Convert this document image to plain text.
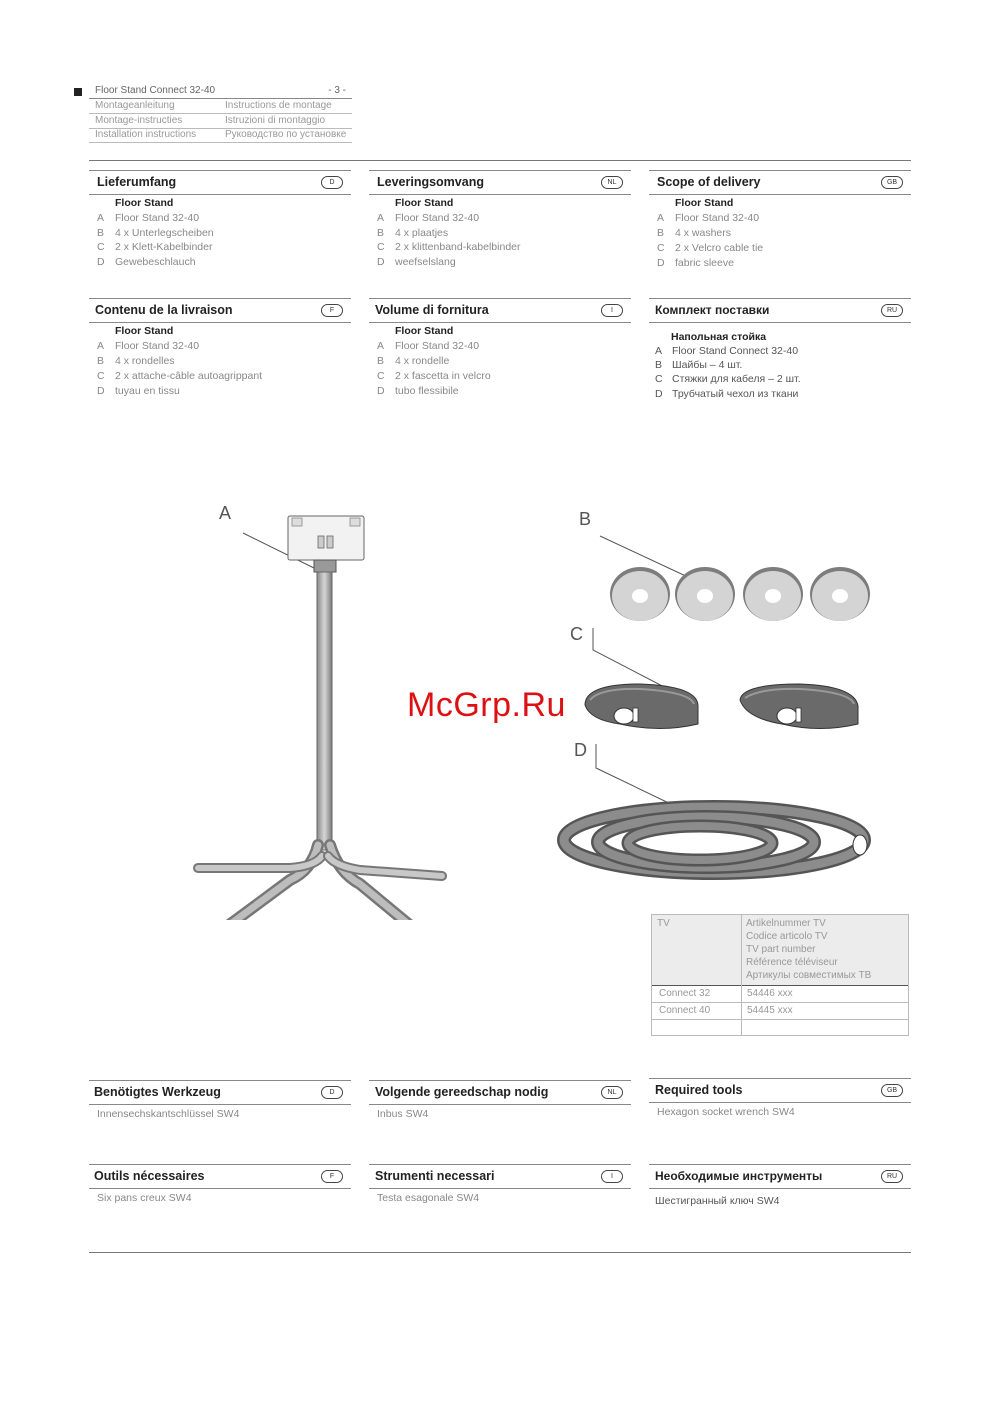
Floor Stand Connect 32-40	- 3 -
Montageanleitung	Instructions de montage
Montage-instructies	Istruzioni di montaggio
Installation instructions	Руководство по установке
Lieferumfang	D
Floor Stand
A Floor Stand 32-40
B 4 x Unterlegscheiben
C 2 x Klett-Kabelbinder
D Gewebeschlauch
Leveringsomvang	NL
Floor Stand
A Floor Stand 32-40
B 4 x plaatjes
C 2 x klittenband-kabelbinder
D weefselslang
Scope of delivery	GB
Floor Stand
A Floor Stand 32-40
B 4 x washers
C 2 x Velcro cable tie
D fabric sleeve
Contenu de la livraison	F
Floor Stand
A Floor Stand 32-40
B 4 x rondelles
C 2 x attache-câble autoagrippant
D tuyau en tissu
Volume di fornitura	I
Floor Stand
A Floor Stand 32-40
B 4 x rondelle
C 2 x fascetta in velcro
D tubo flessibile
Комплект поставки	RU
Напольная стойка
A Floor Stand Connect 32-40
B Шайбы – 4 шт.
C Стяжки для кабеля – 2 шт.
D Трубчатый чехол из ткани
A	B
C
D
McGrp.Ru
TV	Artikelnummer TV
Codice articolo TV
TV part number
Référence téléviseur
Артикулы совместимых ТВ
Connect 32	54446 xxx
Connect 40	54445 xxx
Benötigtes Werkzeug	D
Innensechskantschlüssel SW4
Volgende gereedschap nodig	NL
Inbus SW4
Required tools	GB
Hexagon socket wrench SW4
Outils nécessaires	F
Six pans creux SW4
Strumenti necessari	I
Testa esagonale SW4
Необходимые инструменты	RU
Шестигранный ключ SW4
